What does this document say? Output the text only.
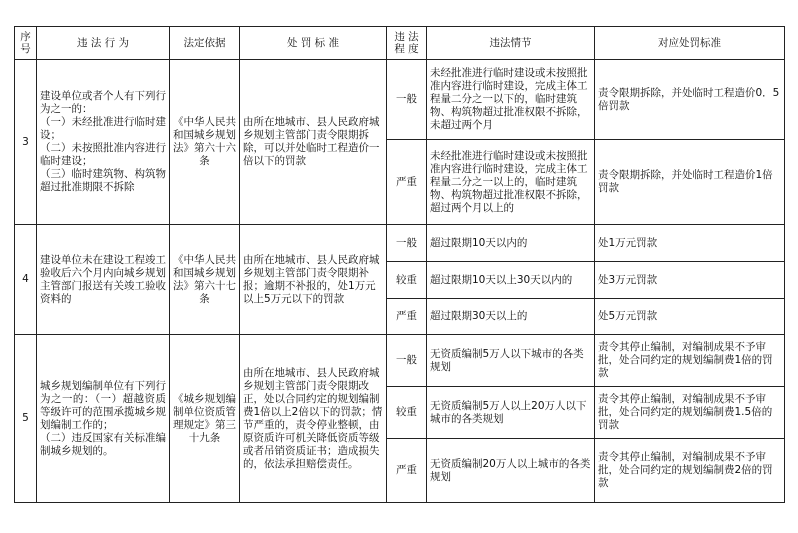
序号	违 法 行 为	法定依据	处 罚 标 准	违 法
程 度	违法情节	对应处罚标准
3	建设单位或者个人有下列行为之一的：
（一）未经批准进行临时建设；
（二）未按照批准内容进行临时建设；
（三）临时建筑物、构筑物超过批准期限不拆除	《中华人民共和国城乡规划法》第六十六条	由所在地城市、县人民政府城乡规划主管部门责令限期拆除，可以并处临时工程造价一倍以下的罚款	一般	未经批准进行临时建设或未按照批准内容进行临时建设，完成主体工程量二分之一以下的，临时建筑物、构筑物超过批准权限不拆除，未超过两个月	责令限期拆除，并处临时工程造价0．5倍罚款
				严重	未经批准进行临时建设或未按照批准内容进行临时建设，完成主体工程量二分之一以上的，临时建筑物、构筑物超过批准权限不拆除，超过两个月以上的	责令限期拆除，并处临时工程造价1倍罚款
4	建设单位未在建设工程竣工验收后六个月内向城乡规划主管部门报送有关竣工验收资料的	《中华人民共和国城乡规划法》第六十七条	由所在地城市、县人民政府城乡规划主管部门责令限期补报；逾期不补报的，处1万元以上5万元以下的罚款	一般	超过限期10天以内的	处1万元罚款
				较重	超过限期10天以上30天以内的	处3万元罚款
				严重	超过限期30天以上的	处5万元罚款
5	城乡规划编制单位有下列行为之一的：（一）超越资质等级许可的范围承揽城乡规划编制工作的；
（二）违反国家有关标准编制城乡规划的。	《城乡规划编制单位资质管理规定》第三十九条	由所在地城市、县人民政府城乡规划主管部门责令限期改正，处以合同约定的规划编制费1倍以上2倍以下的罚款；情节严重的，责令停业整顿，由原资质许可机关降低资质等级或者吊销资质证书；造成损失的，依法承担赔偿责任。	一般	无资质编制5万人以下城市的各类规划	责令其停止编制，对编制成果不予审批，处合同约定的规划编制费1倍的罚款
				较重	无资质编制5万人以上20万人以下城市的各类规划	责令其停止编制，对编制成果不予审批，处合同约定的规划编制费1.5倍的罚款
				严重	无资质编制20万人以上城市的各类规划	责令其停止编制，对编制成果不予审批，处合同约定的规划编制费2倍的罚款
